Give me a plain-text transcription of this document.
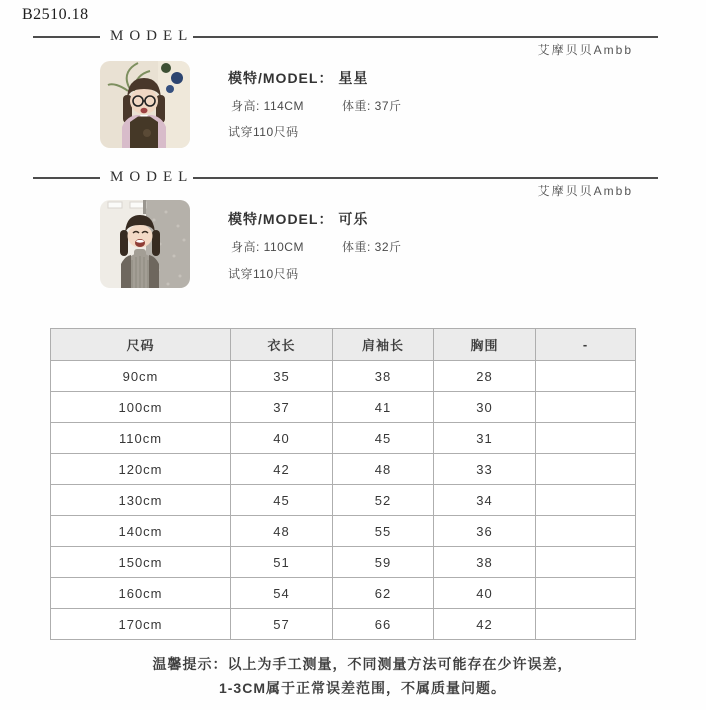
B2510.18
MODEL
艾摩贝贝Ambb
模特/MODEL： 星星
身高: 114CM	体重: 37斤
试穿110尺码
MODEL
艾摩贝贝Ambb
模特/MODEL： 可乐
身高: 110CM	体重: 32斤
试穿110尺码
尺码	衣长	肩袖长	胸围	-
90cm	35	38	28	
100cm	37	41	30	
110cm	40	45	31	
120cm	42	48	33	
130cm	45	52	34	
140cm	48	55	36	
150cm	51	59	38	
160cm	54	62	40	
170cm	57	66	42	
温馨提示：以上为手工测量，不同测量方法可能存在少许误差，
1-3CM属于正常误差范围，不属质量问题。
